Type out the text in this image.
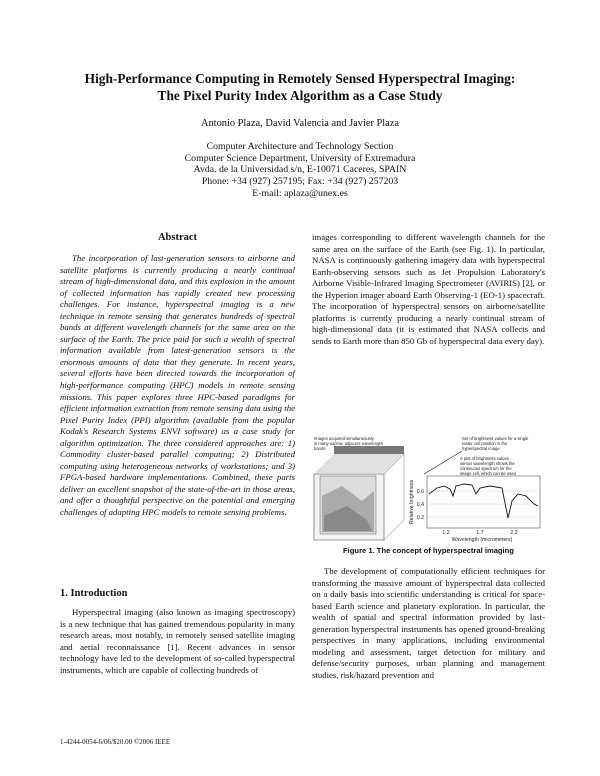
High-Performance Computing in Remotely Sensed Hyperspectral Imaging:
The Pixel Purity Index Algorithm as a Case Study
Antonio Plaza, David Valencia and Javier Plaza
Computer Architecture and Technology Section
Computer Science Department, University of Extremadura
Avda. de la Universidad s/n, E-10071 Caceres, SPAIN
Phone: +34 (927) 257195; Fax: +34 (927) 257203
E-mail: aplaza@unex.es
Abstract
The incorporation of last-generation sensors to airborne and satellite platforms is currently producing a nearly continual stream of high-dimensional data, and this explosion in the amount of collected information has rapidly created new processing challenges. For instance, hyperspectral imaging is a new technique in remote sensing that generates hundreds of spectral bands at different wavelength channels for the same area on the surface of the Earth. The price paid for such a wealth of spectral information available from latest-generation sensors is the enormous amounts of data that they generate. In recent years, several efforts have been directed towards the incorporation of high-performance computing (HPC) models in remote sensing missions. This paper explores three HPC-based paradigms for efficient information extraction from remote sensing data using the Pixel Purity Index (PPI) algorithm (available from the popular Kodak's Research Systems ENVI software) as a case study for algorithm optimization. The three considered approaches are: 1) Commodity cluster-based parallel computing; 2) Distributed computing using heterogeneous networks of workstations; and 3) FPGA-based hardware implementations. Combined, these parts deliver an excellent snapshot of the state-of-the-art in those areas, and offer a thoughtful perspective on the potential and emerging challenges of adapting HPC models to remote sensing problems.
1. Introduction
Hyperspectral imaging (also known as imaging spectroscopy) is a new technique that has gained tremendous popularity in many research areas, most notably, in remotely sensed satellite imaging and aerial reconnaissance [1]. Recent advances in sensor technology have led to the development of so-called hyperspectral instruments, which are capable of collecting hundreds of
images corresponding to different wavelength channels for the same area on the surface of the Earth (see Fig. 1). In particular, NASA is continuously gathering imagery data with hyperspectral Earth-observing sensors such as Jet Propulsion Laboratory's Airborne Visible-Infrared Imaging Spectrometer (AVIRIS) [2], or the Hyperion imager aboard Earth Observing-1 (EO-1) spacecraft. The incorporation of hyperspectral sensors on airborne/satellite platforms is currently producing a nearly continual stream of high-dimensional data (it is estimated that NASA collects and sends to Earth more than 850 Gb of hyperspectral data every day).
Images acquired simultaneously
in many narrow, adjacent wavelength
bands
Set of brightness values for a single
raster cell position in the
hyperspectral image
A plot of brightness values
versus wavelength shows the
continuous spectrum for the
image cell, which can be used
0.6
0.4
0.2
1.2	1.7	2.2
Wavelength (micrometers)
Relative brightness
Figure 1. The concept of hyperspectral imaging
The development of computationally efficient techniques for transforming the massive amount of hyperspectral data collected on a daily basis into scientific understanding is critical for space-based Earth science and planetary exploration. In particular, the wealth of spatial and spectral information provided by last-generation hyperspectral instruments has opened ground-breaking perspectives in many applications, including environmental modeling and assessment, target detection for military and defense/security purposes, urban planning and management studies, risk/hazard prevention and
1-4244-0054-6/06/$20.00 ©2006 IEEE
